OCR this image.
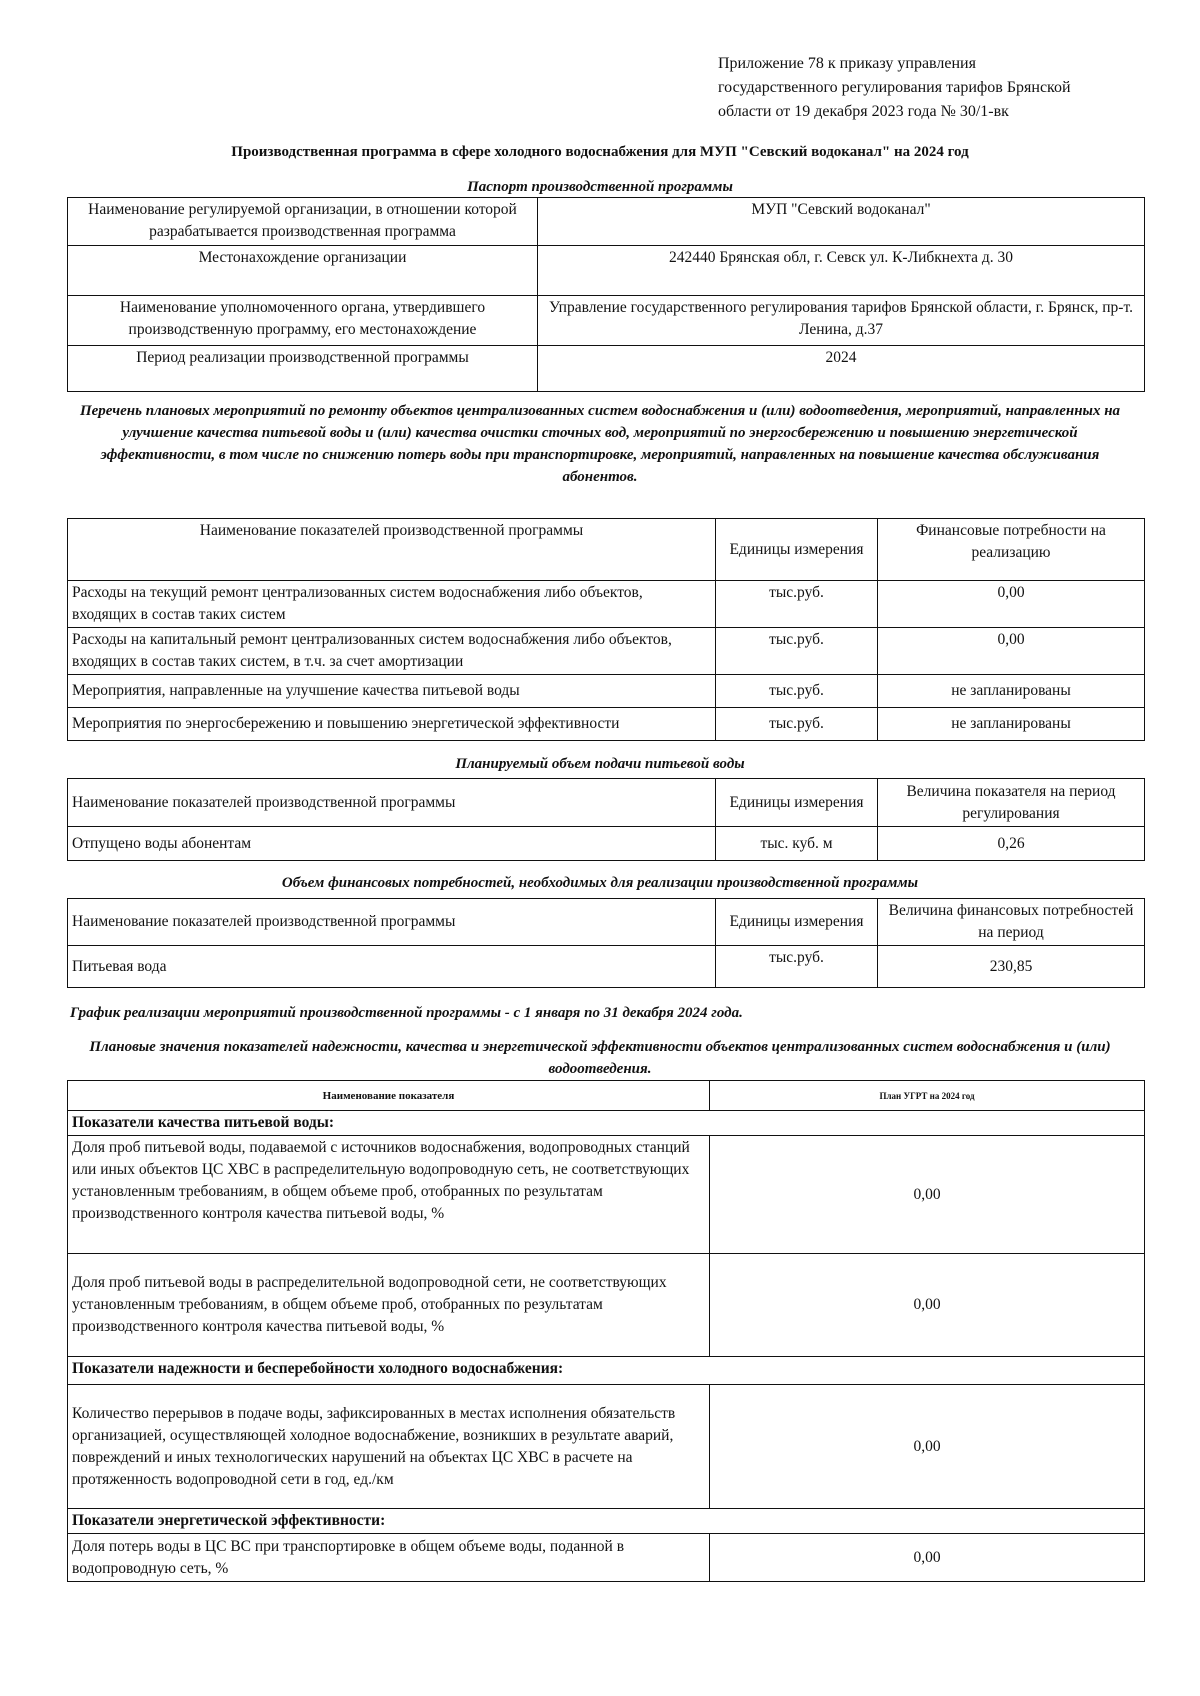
Приложение 78 к приказу управления
государственного регулирования тарифов Брянской
области от 19 декабря 2023 года № 30/1-вк
Производственная программа в сфере холодного водоснабжения для МУП "Севский водоканал" на 2024 год
Паспорт производственной программы
Наименование регулируемой организации, в отношении которой разрабатывается производственная программа	МУП "Севский водоканал"
Местонахождение организации	242440 Брянская обл, г. Севск ул. К-Либкнехта д. 30
Наименование уполномоченного органа, утвердившего производственную программу, его местонахождение	Управление государственного регулирования тарифов Брянской области, г. Брянск, пр-т. Ленина, д.37
Период реализации производственной программы	2024
Перечень плановых мероприятий по ремонту объектов централизованных систем водоснабжения и (или) водоотведения, мероприятий, направленных на улучшение качества питьевой воды и (или) качества очистки сточных вод, мероприятий по энергосбережению и повышению энергетической эффективности, в том числе по снижению потерь воды при транспортировке, мероприятий, направленных на повышение качества обслуживания абонентов.
Наименование показателей производственной программы	Единицы измерения	Финансовые потребности на реализацию
Расходы на текущий ремонт централизованных систем водоснабжения либо объектов, входящих в состав таких систем	тыс.руб.	0,00
Расходы на капитальный ремонт централизованных систем водоснабжения либо объектов, входящих в состав таких систем, в т.ч. за счет амортизации	тыс.руб.	0,00
Мероприятия, направленные на улучшение качества питьевой воды	тыс.руб.	не запланированы
Мероприятия по энергосбережению и повышению энергетической эффективности	тыс.руб.	не запланированы
Планируемый объем подачи питьевой воды
Наименование показателей производственной программы	Единицы измерения	Величина показателя на период регулирования
Отпущено воды абонентам	тыс. куб. м	0,26
Объем финансовых потребностей, необходимых для реализации производственной программы
Наименование показателей производственной программы	Единицы измерения	Величина финансовых потребностей на период
Питьевая вода	тыс.руб.	230,85
График реализации мероприятий производственной программы - с 1 января по 31 декабря 2024 года.
Плановые значения показателей надежности, качества и энергетической эффективности объектов централизованных систем водоснабжения и (или) водоотведения.
Наименование показателя	План УГРТ на 2024 год
Показатели качества питьевой воды:	
Доля проб питьевой воды, подаваемой с источников водоснабжения, водопроводных станций или иных объектов ЦС ХВС в распределительную водопроводную сеть, не соответствующих установленным требованиям, в общем объеме проб, отобранных по результатам производственного контроля качества питьевой воды, %	0,00
Доля проб питьевой воды в распределительной водопроводной сети, не соответствующих установленным требованиям, в общем объеме проб, отобранных по результатам производственного контроля качества питьевой воды, %	0,00
Показатели надежности и бесперебойности холодного водоснабжения:	
Количество перерывов в подаче воды, зафиксированных в местах исполнения обязательств организацией, осуществляющей холодное водоснабжение, возникших в результате аварий, повреждений и иных технологических нарушений на объектах ЦС ХВС в расчете на протяженность водопроводной сети в год, ед./км	0,00
Показатели энергетической эффективности:	
Доля потерь воды в ЦС ВС при транспортировке в общем объеме воды, поданной в водопроводную сеть, %	0,00
